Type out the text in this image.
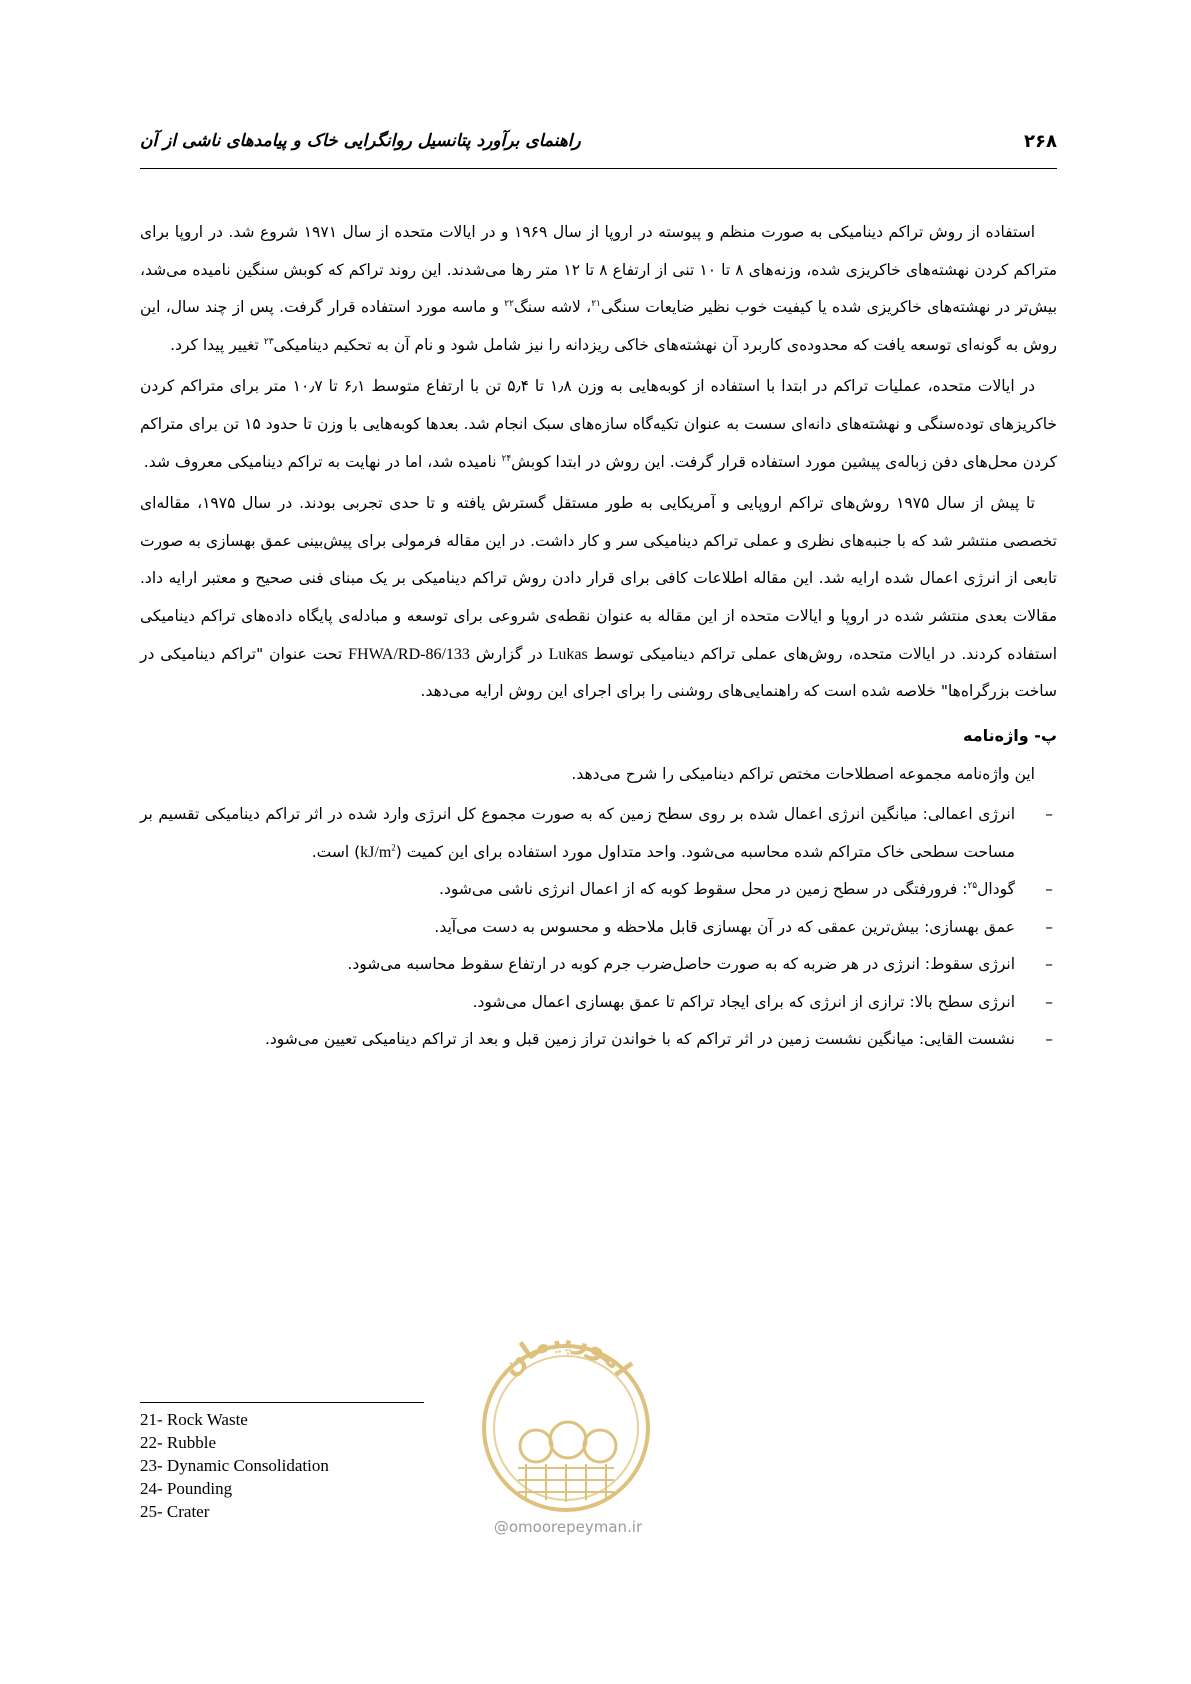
۲۶۸
راهنمای برآورد پتانسیل روانگرایی خاک و پیامدهای ناشی از آن

استفاده از روش تراکم دینامیکی به صورت منظم و پیوسته در اروپا از سال ۱۹۶۹ و در ایالات متحده از سال ۱۹۷۱ شروع شد. در اروپا برای متراکم کردن نهشته‌های خاکریزی شده، وزنه‌های ۸ تا ۱۰ تنی از ارتفاع ۸ تا ۱۲ متر رها می‌شدند. این روند تراکم که کوبش سنگین نامیده می‌شد، بیش‌تر در نهشته‌های خاکریزی شده یا کیفیت خوب نظیر ضایعات سنگی$^{۲۱}$، لاشه سنگ$^{۲۲}$ و ماسه مورد استفاده قرار گرفت. پس از چند سال، این روش به گونه‌ای توسعه یافت که محدوده‌ی کاربرد آن نهشته‌های خاکی ریزدانه را نیز شامل شود و نام آن به تحکیم دینامیکی$^{۲۳}$ تغییر پیدا کرد.

در ایالات متحده، عملیات تراکم در ابتدا با استفاده از کوبه‌هایی به وزن ۱٫۸ تا ۵٫۴ تن با ارتفاع متوسط ۶٫۱ تا ۱۰٫۷ متر برای متراکم کردن خاکریزهای توده‌سنگی و نهشته‌های دانه‌ای سست به عنوان تکیه‌گاه سازه‌های سبک انجام شد. بعدها کوبه‌هایی با وزن تا حدود ۱۵ تن برای متراکم کردن محل‌های دفن زباله‌ی پیشین مورد استفاده قرار گرفت. این روش در ابتدا کوبش$^{۲۴}$ نامیده شد، اما در نهایت به تراکم دینامیکی معروف شد.

تا پیش از سال ۱۹۷۵ روش‌های تراکم اروپایی و آمریکایی به طور مستقل گسترش یافته و تا حدی تجربی بودند. در سال ۱۹۷۵، مقاله‌ای تخصصی منتشر شد که با جنبه‌های نظری و عملی تراکم دینامیکی سر و کار داشت. در این مقاله فرمولی برای پیش‌بینی عمق بهسازی به صورت تابعی از انرژی اعمال شده ارایه شد. این مقاله اطلاعات کافی برای قرار دادن روش تراکم دینامیکی بر یک مبنای فنی صحیح و معتبر ارایه داد. مقالات بعدی منتشر شده در اروپا و ایالات متحده از این مقاله به عنوان نقطه‌ی شروعی برای توسعه و مبادله‌ی پایگاه داده‌های تراکم دینامیکی استفاده کردند. در ایالات متحده، روش‌های عملی تراکم دینامیکی توسط Lukas در گزارش FHWA/RD-86/133 تحت عنوان "تراکم دینامیکی در ساخت بزرگراه‌ها" خلاصه شده است که راهنمایی‌های روشنی را برای اجرای این روش ارایه می‌دهد.

پ- واژه‌نامه

این واژه‌نامه مجموعه اصطلاحات مختص تراکم دینامیکی را شرح می‌دهد.

–
انرژی اعمالی: میانگین انرژی اعمال شده بر روی سطح زمین که به صورت مجموع کل انرژی وارد شده در اثر تراکم دینامیکی تقسیم بر مساحت سطحی خاک متراکم شده محاسبه می‌شود. واحد متداول مورد استفاده برای این کمیت $(kJ/m^2)$ است.
–
گودال$^{۲۵}$: فرورفتگی در سطح زمین در محل سقوط کوبه که از اعمال انرژی ناشی می‌شود.
–
عمق بهسازی: بیش‌ترین عمقی که در آن بهسازی قابل ملاحظه و محسوس به دست می‌آید.
–
انرژی سقوط: انرژی در هر ضربه که به صورت حاصل‌ضرب جرم کوبه در ارتفاع سقوط محاسبه می‌شود.
–
انرژی سطح بالا: ترازی از انرژی که برای ایجاد تراکم تا عمق بهسازی اعمال می‌شود.
–
نشست القایی: میانگین نشست زمین در اثر تراکم که با خواندن تراز زمین قبل و بعد از تراکم دینامیکی تعیین می‌شود.
21- Rock Waste
22- Rubble
23- Dynamic Consolidation
24- Pounding
25- Crater
امورپیمان
@omoorepeyman.ir
